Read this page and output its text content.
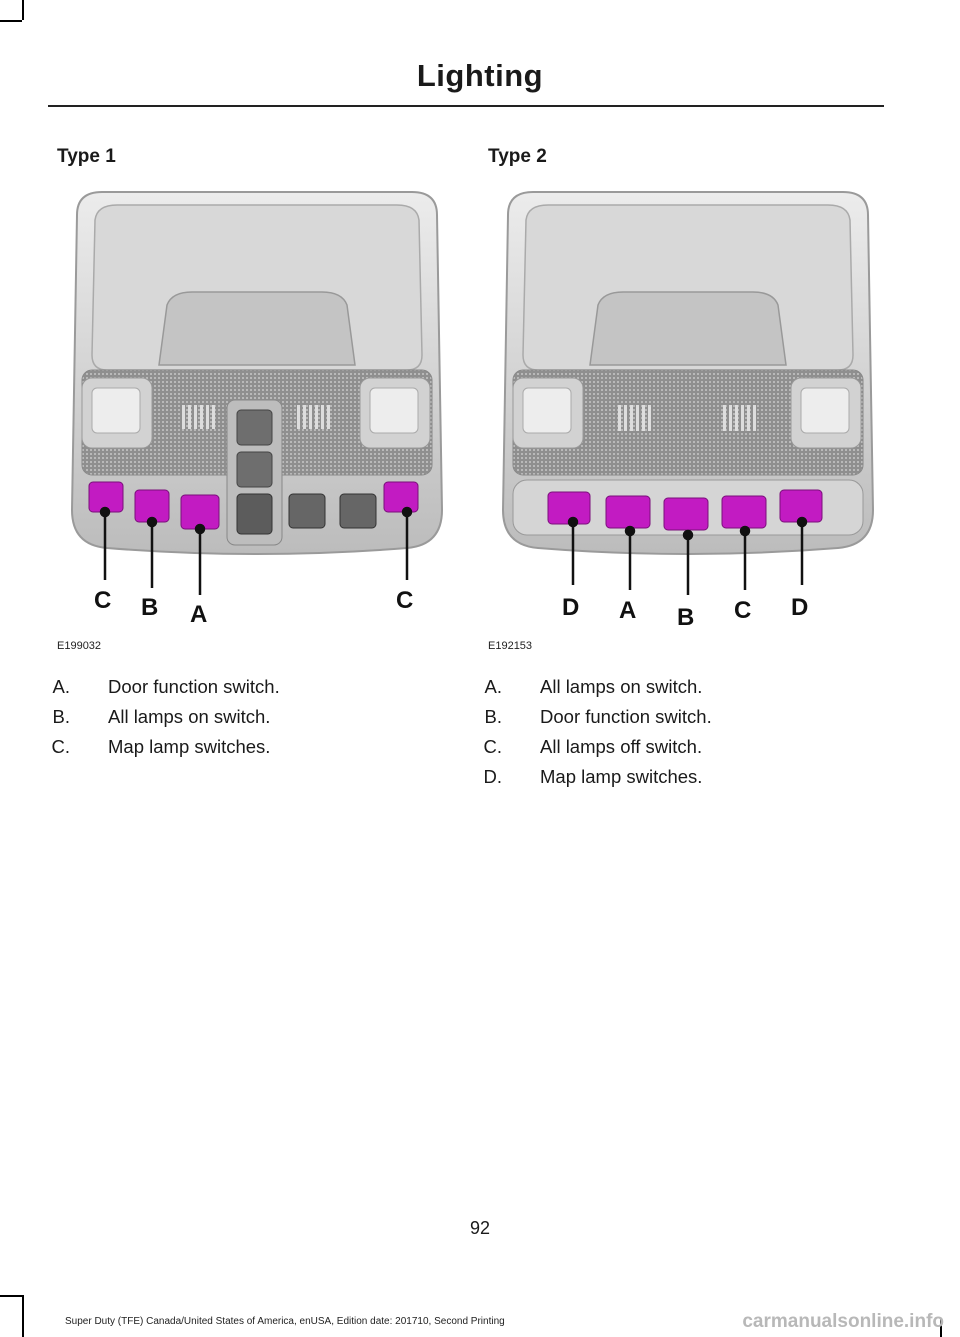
Lighting
Type 1
C B A
C
E199032
A.	Door function switch.
B.	All lamps on switch.
C.	Map lamp switches.
Type 2
D A B C D
E192153
A.	All lamps on switch.
B.	Door function switch.
C.	All lamps off switch.
D.	Map lamp switches.
92
Super Duty (TFE) Canada/United States of America, enUSA, Edition date: 201710, Second Printing	carmanualsonline.info
